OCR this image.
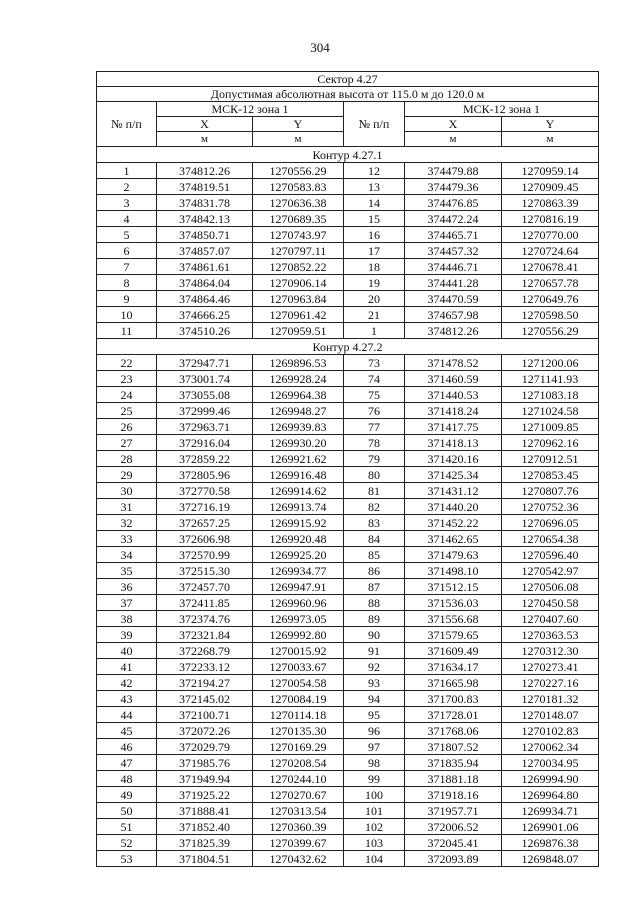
304
Сектор 4.27					
Допустимая абсолютная высота от 115.0 м до 120.0 м					
№ п/п	МСК-12 зона 1		№ п/п	МСК-12 зона 1	
	X	Y		X	Y
	м	м		м	м
Контур 4.27.1					
1	374812.26	1270556.29	12	374479.88	1270959.14
2	374819.51	1270583.83	13	374479.36	1270909.45
3	374831.78	1270636.38	14	374476.85	1270863.39
4	374842.13	1270689.35	15	374472.24	1270816.19
5	374850.71	1270743.97	16	374465.71	1270770.00
6	374857.07	1270797.11	17	374457.32	1270724.64
7	374861.61	1270852.22	18	374446.71	1270678.41
8	374864.04	1270906.14	19	374441.28	1270657.78
9	374864.46	1270963.84	20	374470.59	1270649.76
10	374666.25	1270961.42	21	374657.98	1270598.50
11	374510.26	1270959.51	1	374812.26	1270556.29
Контур 4.27.2					
22	372947.71	1269896.53	73	371478.52	1271200.06
23	373001.74	1269928.24	74	371460.59	1271141.93
24	373055.08	1269964.38	75	371440.53	1271083.18
25	372999.46	1269948.27	76	371418.24	1271024.58
26	372963.71	1269939.83	77	371417.75	1271009.85
27	372916.04	1269930.20	78	371418.13	1270962.16
28	372859.22	1269921.62	79	371420.16	1270912.51
29	372805.96	1269916.48	80	371425.34	1270853.45
30	372770.58	1269914.62	81	371431.12	1270807.76
31	372716.19	1269913.74	82	371440.20	1270752.36
32	372657.25	1269915.92	83	371452.22	1270696.05
33	372606.98	1269920.48	84	371462.65	1270654.38
34	372570.99	1269925.20	85	371479.63	1270596.40
35	372515.30	1269934.77	86	371498.10	1270542.97
36	372457.70	1269947.91	87	371512.15	1270506.08
37	372411.85	1269960.96	88	371536.03	1270450.58
38	372374.76	1269973.05	89	371556.68	1270407.60
39	372321.84	1269992.80	90	371579.65	1270363.53
40	372268.79	1270015.92	91	371609.49	1270312.30
41	372233.12	1270033.67	92	371634.17	1270273.41
42	372194.27	1270054.58	93	371665.98	1270227.16
43	372145.02	1270084.19	94	371700.83	1270181.32
44	372100.71	1270114.18	95	371728.01	1270148.07
45	372072.26	1270135.30	96	371768.06	1270102.83
46	372029.79	1270169.29	97	371807.52	1270062.34
47	371985.76	1270208.54	98	371835.94	1270034.95
48	371949.94	1270244.10	99	371881.18	1269994.90
49	371925.22	1270270.67	100	371918.16	1269964.80
50	371888.41	1270313.54	101	371957.71	1269934.71
51	371852.40	1270360.39	102	372006.52	1269901.06
52	371825.39	1270399.67	103	372045.41	1269876.38
53	371804.51	1270432.62	104	372093.89	1269848.07
